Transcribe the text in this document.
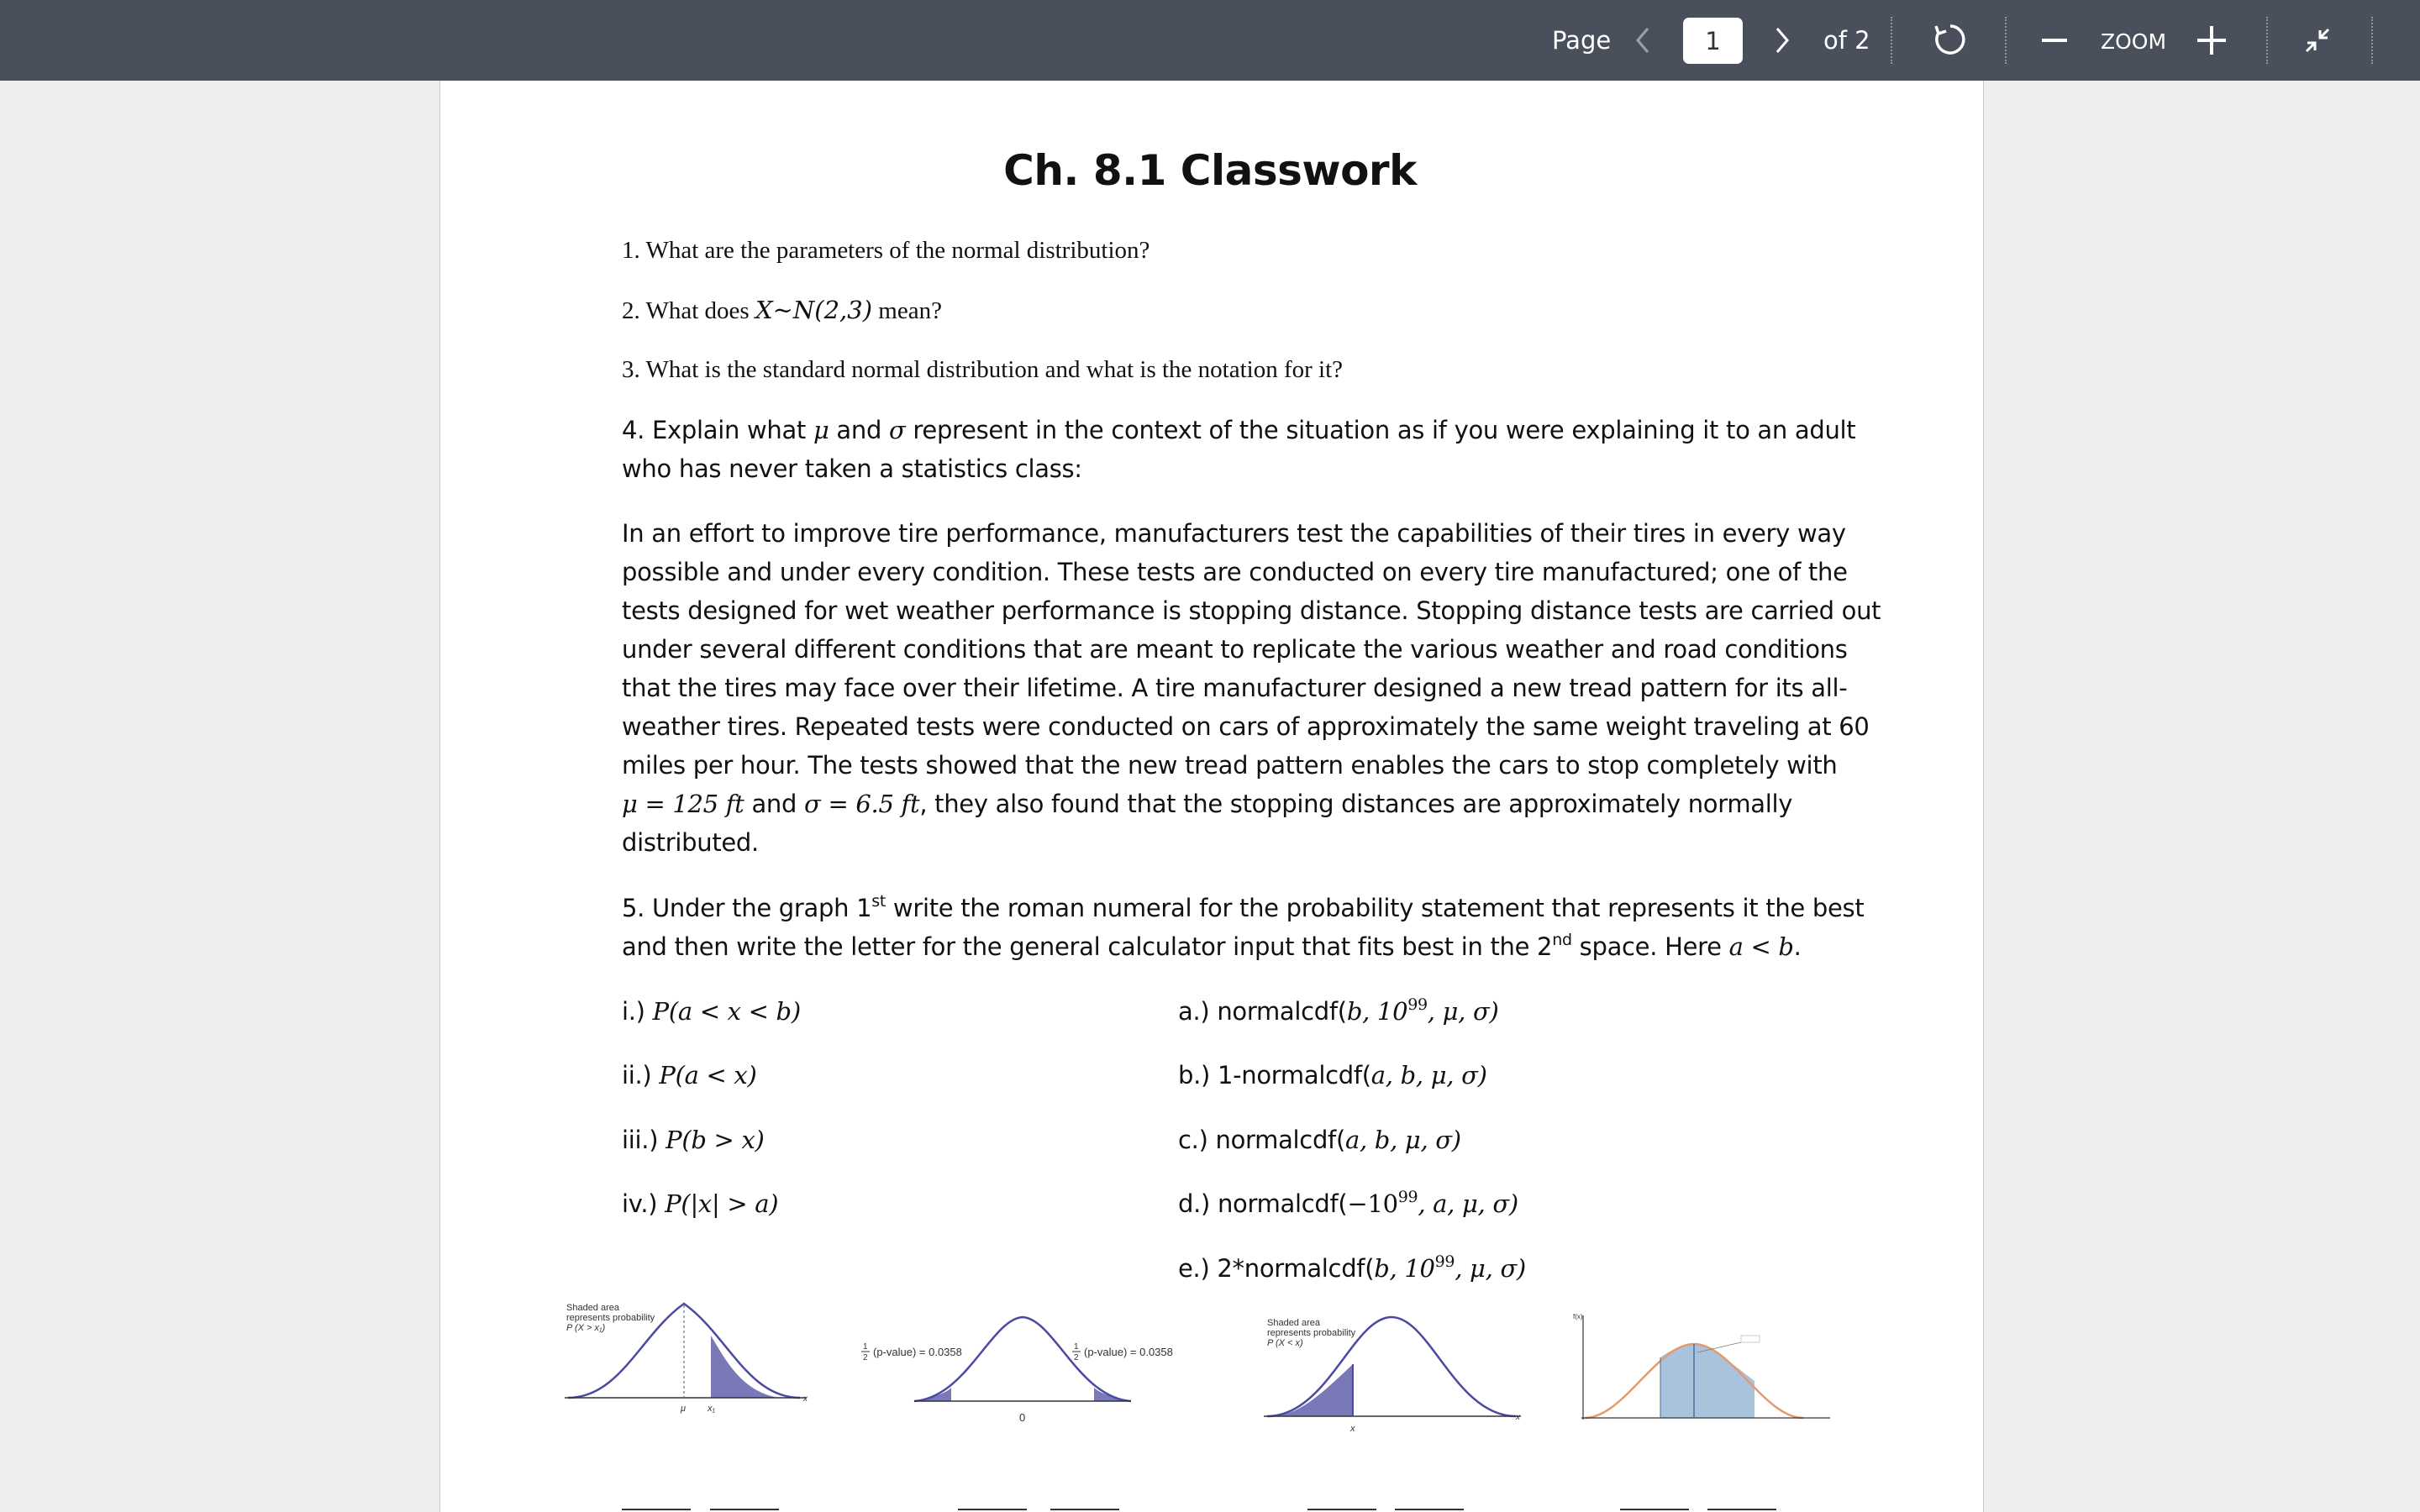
Page
1	of 2	ZOOM
Ch. 8.1 Classwork
1. What are the parameters of the normal distribution?
2. What does X~N(2,3) mean?
3. What is the standard normal distribution and what is the notation for it?
4. Explain what μ and σ represent in the context of the situation as if you were explaining it to an adult
who has never taken a statistics class:
In an effort to improve tire performance, manufacturers test the capabilities of their tires in every way
possible and under every condition. These tests are conducted on every tire manufactured; one of the
tests designed for wet weather performance is stopping distance. Stopping distance tests are carried out
under several different conditions that are meant to replicate the various weather and road conditions
that the tires may face over their lifetime. A tire manufacturer designed a new tread pattern for its all-
weather tires. Repeated tests were conducted on cars of approximately the same weight traveling at 60
miles per hour. The tests showed that the new tread pattern enables the cars to stop completely with
μ = 125 ft and σ = 6.5 ft, they also found that the stopping distances are approximately normally
distributed.
5. Under the graph 1st write the roman numeral for the probability statement that represents it the best
and then write the letter for the general calculator input that fits best in the 2nd space. Here a < b.
i.) P(a < x < b)
ii.) P(a < x)
iii.) P(b > x)
iv.) P(|x| > a)
a.) normalcdf(b, $10^{99}$, μ, σ)
b.) 1-normalcdf(a, b, μ, σ)
c.) normalcdf(a, b, μ, σ)
d.) $normalcdf(-10^{99}$, a, μ, σ)
e.) 2*normalcdf(b, $10^{99}$, μ, σ)
Shaded area
represents probability
P (X > x₁)
μ x₁
x
1
2 (p-value) = 0.0358	1
2 (p-value) = 0.0358
0
Shaded area
represents probability
P (X < x)
x
x
f(x)
